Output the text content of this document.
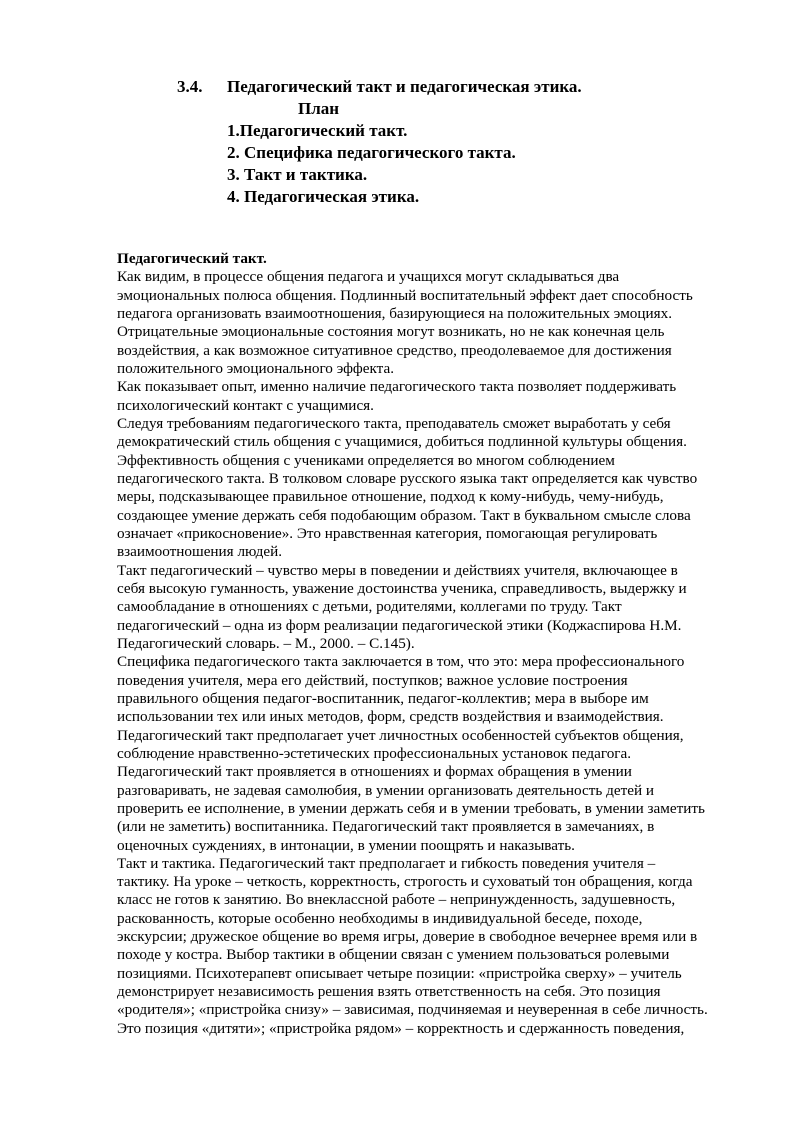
3.4. Педагогический такт и педагогическая этика.
План
1.Педагогический такт.
2. Специфика педагогического такта.
3. Такт и тактика.
4. Педагогическая этика.
Педагогический такт.
Как видим, в процессе общения педагога и учащихся могут складываться два
эмоциональных полюса общения. Подлинный воспитательный эффект дает способность
педагога организовать взаимоотношения, базирующиеся на положительных эмоциях.
Отрицательные эмоциональные состояния могут возникать, но не как конечная цель
воздействия, а как возможное ситуативное средство, преодолеваемое для достижения
положительного эмоционального эффекта.
Как показывает опыт, именно наличие педагогического такта позволяет поддерживать
психологический контакт с учащимися.
Следуя требованиям педагогического такта, преподаватель сможет выработать у себя
демократический стиль общения с учащимися, добиться подлинной культуры общения.
Эффективность общения с учениками определяется во многом соблюдением
педагогического такта. В толковом словаре русского языка такт определяется как чувство
меры, подсказывающее правильное отношение, подход к кому-нибудь, чему-нибудь,
создающее умение держать себя подобающим образом. Такт в буквальном смысле слова
означает «прикосновение». Это нравственная категория, помогающая регулировать
взаимоотношения людей.
Такт педагогический – чувство меры в поведении и действиях учителя, включающее в
себя высокую гуманность, уважение достоинства ученика, справедливость, выдержку и
самообладание в отношениях с детьми, родителями, коллегами по труду. Такт
педагогический – одна из форм реализации педагогической этики (Коджаспирова Н.М.
Педагогический словарь. – М., 2000. – С.145).
Специфика педагогического такта заключается в том, что это: мера профессионального
поведения учителя, мера его действий, поступков; важное условие построения
правильного общения педагог-воспитанник, педагог-коллектив; мера в выборе им
использовании тех или иных методов, форм, средств воздействия и взаимодействия.
Педагогический такт предполагает учет личностных особенностей субъектов общения,
соблюдение нравственно-эстетических профессиональных установок педагога.
Педагогический такт проявляется в отношениях и формах обращения в умении
разговаривать, не задевая самолюбия, в умении организовать деятельность детей и
проверить ее исполнение, в умении держать себя и в умении требовать, в умении заметить
(или не заметить) воспитанника. Педагогический такт проявляется в замечаниях, в
оценочных суждениях, в интонации, в умении поощрять и наказывать.
Такт и тактика. Педагогический такт предполагает и гибкость поведения учителя –
тактику. На уроке – четкость, корректность, строгость и суховатый тон обращения, когда
класс не готов к занятию. Во внеклассной работе – непринужденность, задушевность,
раскованность, которые особенно необходимы в индивидуальной беседе, походе,
экскурсии; дружеское общение во время игры, доверие в свободное вечернее время или в
походе у костра. Выбор тактики в общении связан с умением пользоваться ролевыми
позициями. Психотерапевт описывает четыре позиции: «пристройка сверху» – учитель
демонстрирует независимость решения взять ответственность на себя. Это позиция
«родителя»; «пристройка снизу» – зависимая, подчиняемая и неуверенная в себе личность.
Это позиция «дитяти»; «пристройка рядом» – корректность и сдержанность поведения,
